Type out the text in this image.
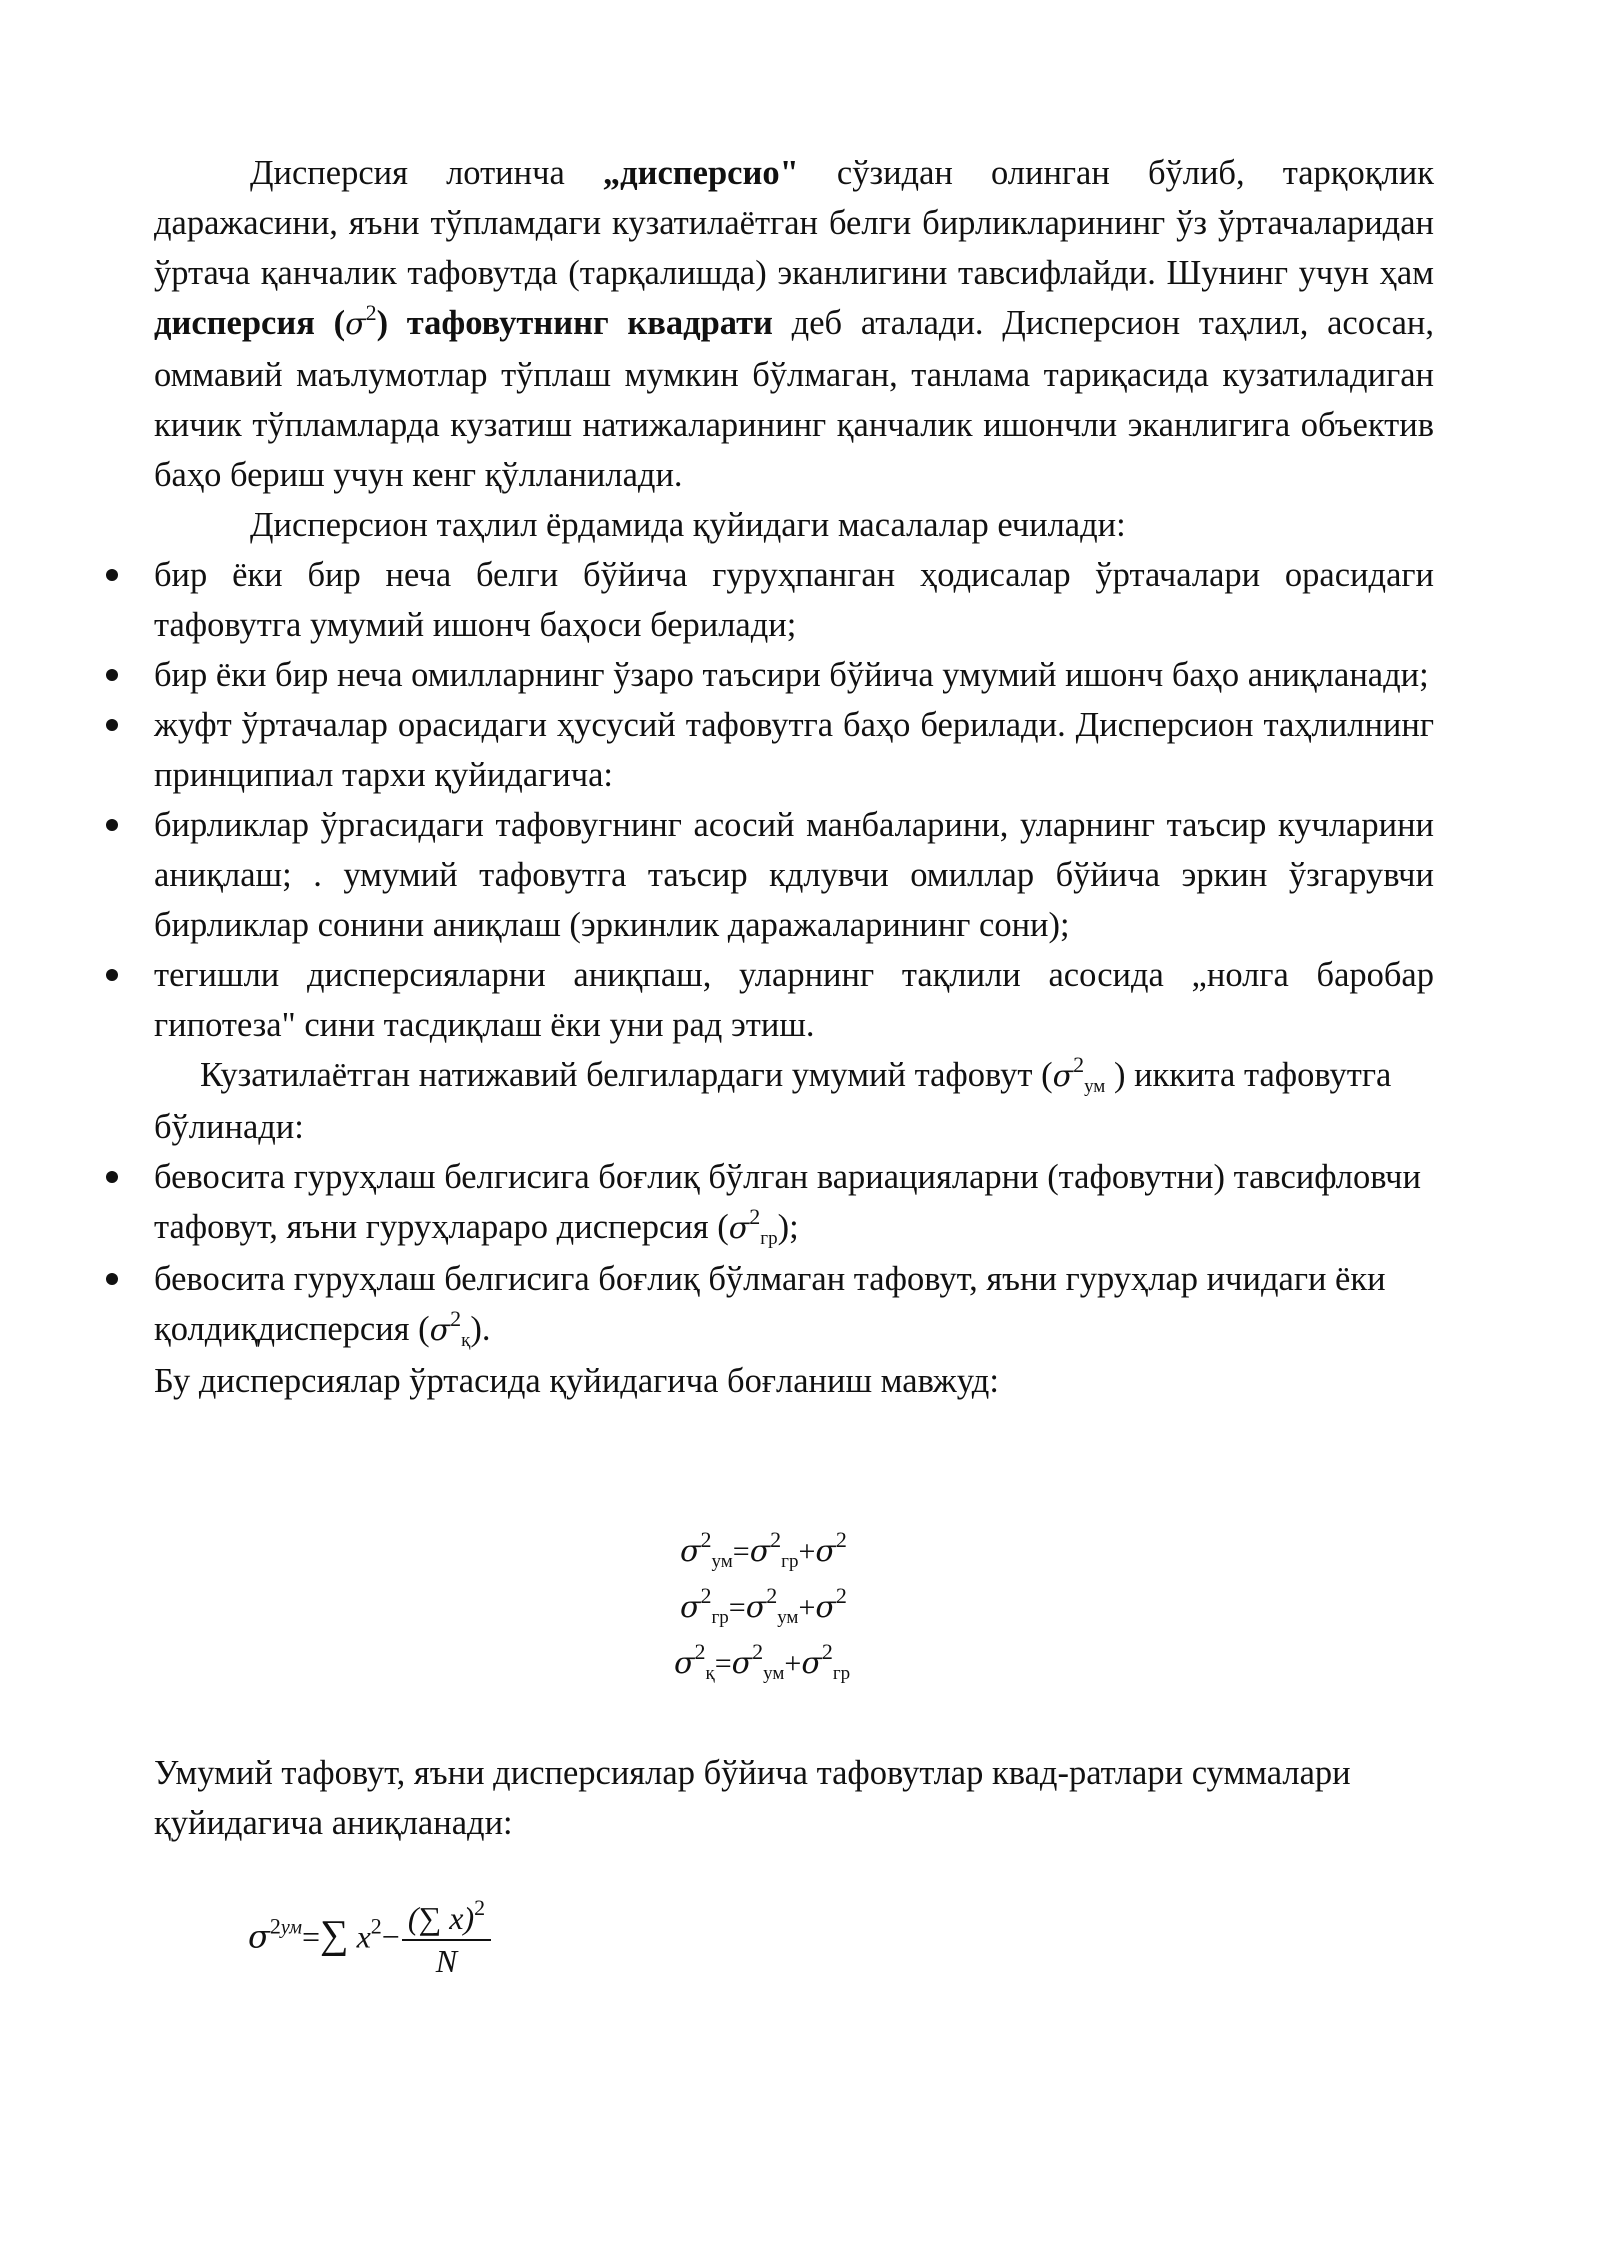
Дисперсия лотинча „дисперсио" сўзидан олинган бўлиб, тарқоқлик даражасини, яъни тўпламдаги кузатилаётган белги бирликларининг ўз ўртачаларидан ўртача қанчалик тафовутда (тарқалишда) эканлигини тавсифлайди. Шунинг учун ҳам дисперсия $(\sigma^2)$ тафовутнинг квадрати деб аталади. Дисперсион таҳлил, асосан, оммавий маълумотлар тўплаш мумкин бўлмаган, танлама тариқасида кузатиладиган кичик тўпламларда кузатиш натижаларининг қанчалик ишончли эканлигига объектив баҳо бериш учун кенг қўлланилади.

Дисперсион таҳлил ёрдамида қуйидаги масалалар ечилади:

бир ёки бир неча белги бўйича гуруҳпанган ҳодисалар ўртачалари орасидаги тафовутга умумий ишонч баҳоси берилади;
бир ёки бир неча омилларнинг ўзаро таъсири бўйича умумий ишонч баҳо аниқланади;
жуфт ўртачалар орасидаги ҳусусий тафовутга баҳо берилади. Дисперсион таҳлилнинг принципиал тархи қуйидагича:
бирликлар ўргасидаги тафовугнинг асосий манбаларини, уларнинг таъсир кучларини аниқлаш; . умумий тафовутга таъсир кдлувчи омиллар бўйича эркин ўзгарувчи бирликлар сонини аниқлаш (эркинлик даражаларининг сони);
тегишли дисперсияларни аниқпаш, уларнинг тақлили асосида „нолга баробар гипотеза" сини тасдиқлаш ёки уни рад этиш.

Кузатилаётган натижавий белгилардаги умумий тафовут ($\sigma^2_{ум}$ ) иккита тафовутга бўлинади:

бевосита гуруҳлаш белгисига боғлиқ бўлган вариацияларни (тафовутни) тавсифловчи тафовут, яъни гуруҳлараро дисперсия $(\sigma^2_{гр})$;
бевосита гуруҳлаш белгисига боғлиқ бўлмаган тафовут, яъни гуруҳлар ичидаги ёки қолдиқдисперсия $(\sigma^2_қ)$.

Бу дисперсиялар ўртасида қуйидагича боғланиш мавжуд:

$\sigma^2_{ум}=\sigma^2_{гр}+\sigma^2$
$\sigma^2_{гр}=\sigma^2_{ум}+\sigma^2$
$\sigma^2_қ=\sigma^2_{ум}+\sigma^2_{гр}$

Умумий тафовут, яъни дисперсиялар бўйича тафовутлар квад-ратлари суммалари қуйидагича аниқланади:

$\sigma^{2ум}=\sum$ $x^2- \frac{(\sum x)^2}{N}$
